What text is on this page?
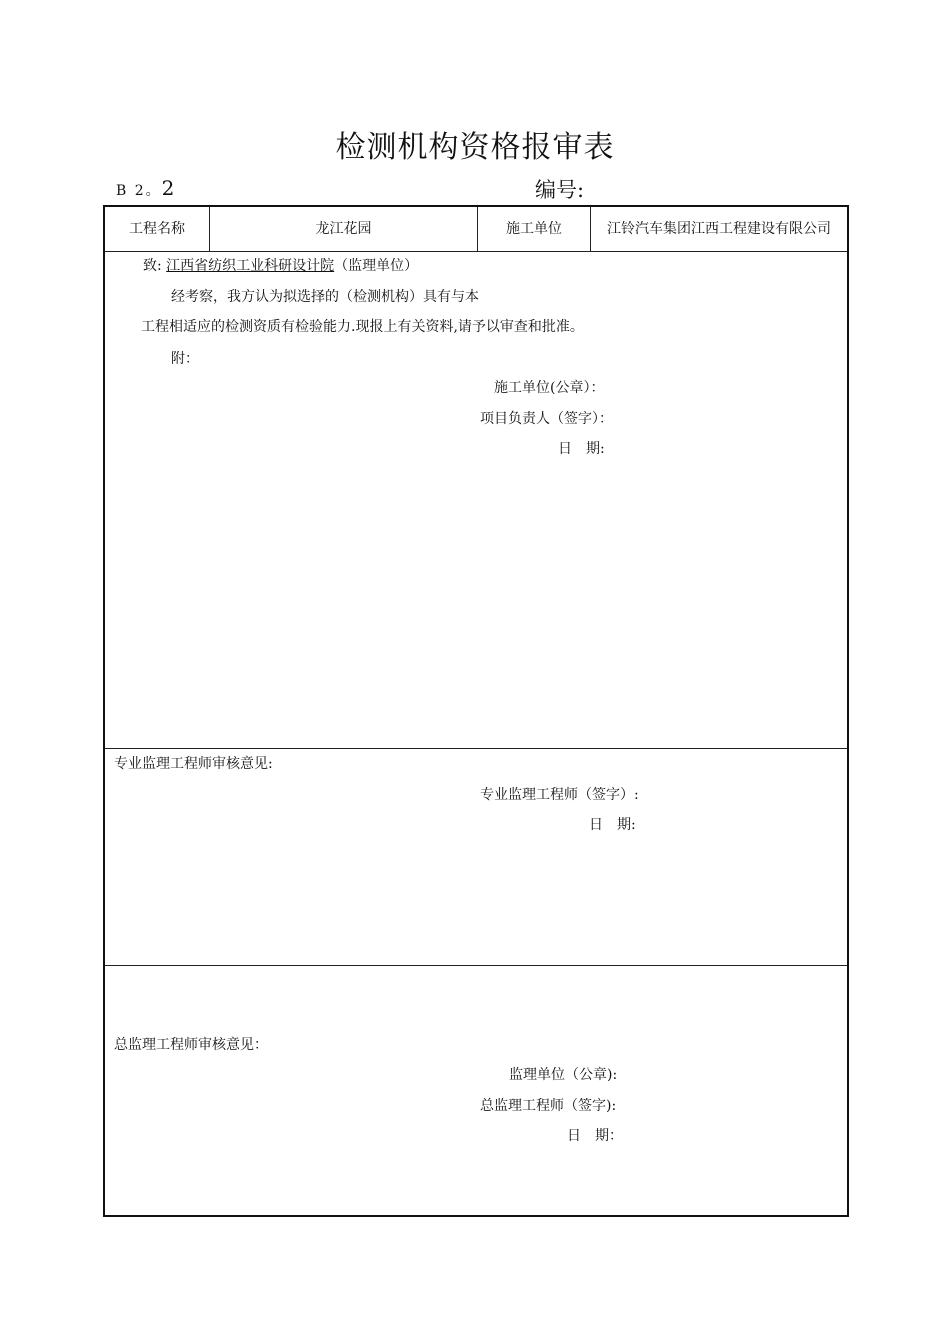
检测机构资格报审表
B 2。2	编号:
工程名称	龙江花园	施工单位	江铃汽车集团江西工程建设有限公司
致: 江西省纺织工业科研设计院（监理单位）
经考察，我方认为拟选择的（检测机构）具有与本
工程相适应的检测资质有检验能力.现报上有关资料,请予以审查和批准。
附：
施工单位(公章）：
项目负责人（签字）：
日　期:
专业监理工程师审核意见:
专业监理工程师（签字）:
日　期:
总监理工程师审核意见：
监理单位（公章):
总监理工程师（签字):
日　期：
